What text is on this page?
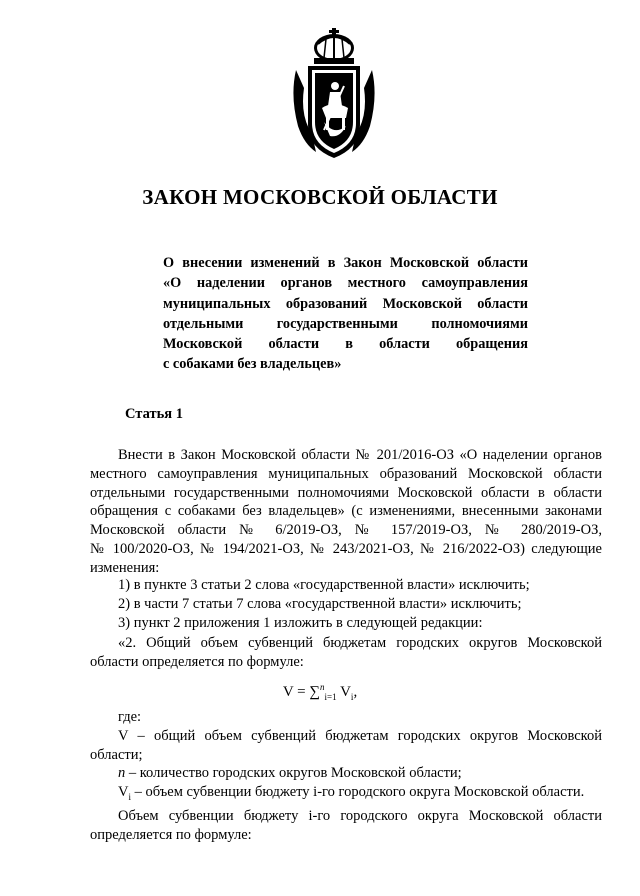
ЗАКОН МОСКОВСКОЙ ОБЛАСТИ
О внесении изменений в Закон Московской области
«О наделении органов местного самоуправления
муниципальных образований Московской области
отдельными государственными полномочиями
Московской области в области обращения
с собаками без владельцев»

Статья 1

Внести в Закон Московской области № 201/2016-ОЗ «О наделении органов
местного самоуправления муниципальных образований Московской области
отдельными государственными полномочиями Московской области в области
обращения с собаками без владельцев» (с изменениями, внесенными законами
Московской области № 6/2019-ОЗ, № 157/2019-ОЗ, № 280/2019-ОЗ,
№ 100/2020-ОЗ, № 194/2021-ОЗ, № 243/2021-ОЗ, № 216/2022-ОЗ) следующие
изменения:
1) в пункте 3 статьи 2 слова «государственной власти» исключить;
2) в части 7 статьи 7 слова «государственной власти» исключить;
3) пункт 2 приложения 1 изложить в следующей редакции:
«2. Общий объем субвенций бюджетам городских округов Московской
области определяется по формуле:

V = ∑$^n_{i=1}$ $V_i$,

где:
V – общий объем субвенций бюджетам городских округов Московской
области;
n – количество городских округов Московской области;
$V_i$ – объем субвенции бюджету i-го городского округа Московской области.
Объем субвенции бюджету i-го городского округа Московской области
определяется по формуле:
